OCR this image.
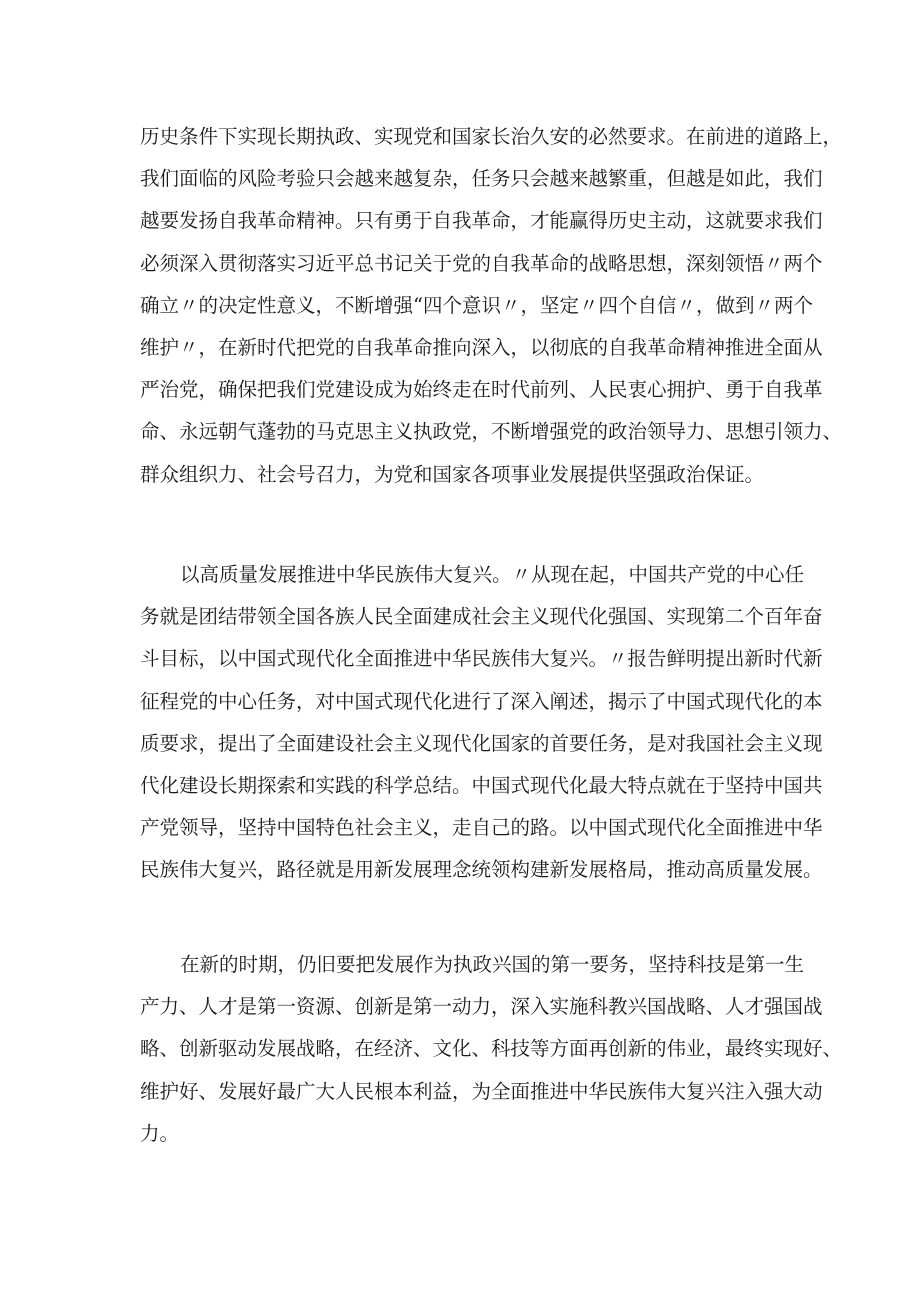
历史条件下实现长期执政、实现党和国家长治久安的必然要求。在前进的道路上，
我们面临的风险考验只会越来越复杂，任务只会越来越繁重，但越是如此，我们
越要发扬自我革命精神。只有勇于自我革命，才能赢得历史主动，这就要求我们
必须深入贯彻落实习近平总书记关于党的自我革命的战略思想，深刻领悟〃两个
确立〃的决定性意义，不断增强“四个意识〃，坚定〃四个自信〃，做到〃两个
维护〃，在新时代把党的自我革命推向深入，以彻底的自我革命精神推进全面从
严治党，确保把我们党建设成为始终走在时代前列、人民衷心拥护、勇于自我革
命、永远朝气蓬勃的马克思主义执政党，不断增强党的政治领导力、思想引领力、
群众组织力、社会号召力，为党和国家各项事业发展提供坚强政治保证。
以高质量发展推进中华民族伟大复兴。〃从现在起，中国共产党的中心任
务就是团结带领全国各族人民全面建成社会主义现代化强国、实现第二个百年奋
斗目标，以中国式现代化全面推进中华民族伟大复兴。〃报告鲜明提出新时代新
征程党的中心任务，对中国式现代化进行了深入阐述，揭示了中国式现代化的本
质要求，提出了全面建设社会主义现代化国家的首要任务，是对我国社会主义现
代化建设长期探索和实践的科学总结。中国式现代化最大特点就在于坚持中国共
产党领导，坚持中国特色社会主义，走自己的路。以中国式现代化全面推进中华
民族伟大复兴，路径就是用新发展理念统领构建新发展格局，推动高质量发展。
在新的时期，仍旧要把发展作为执政兴国的第一要务，坚持科技是第一生
产力、人才是第一资源、创新是第一动力，深入实施科教兴国战略、人才强国战
略、创新驱动发展战略，在经济、文化、科技等方面再创新的伟业，最终实现好、
维护好、发展好最广大人民根本利益，为全面推进中华民族伟大复兴注入强大动
力。
